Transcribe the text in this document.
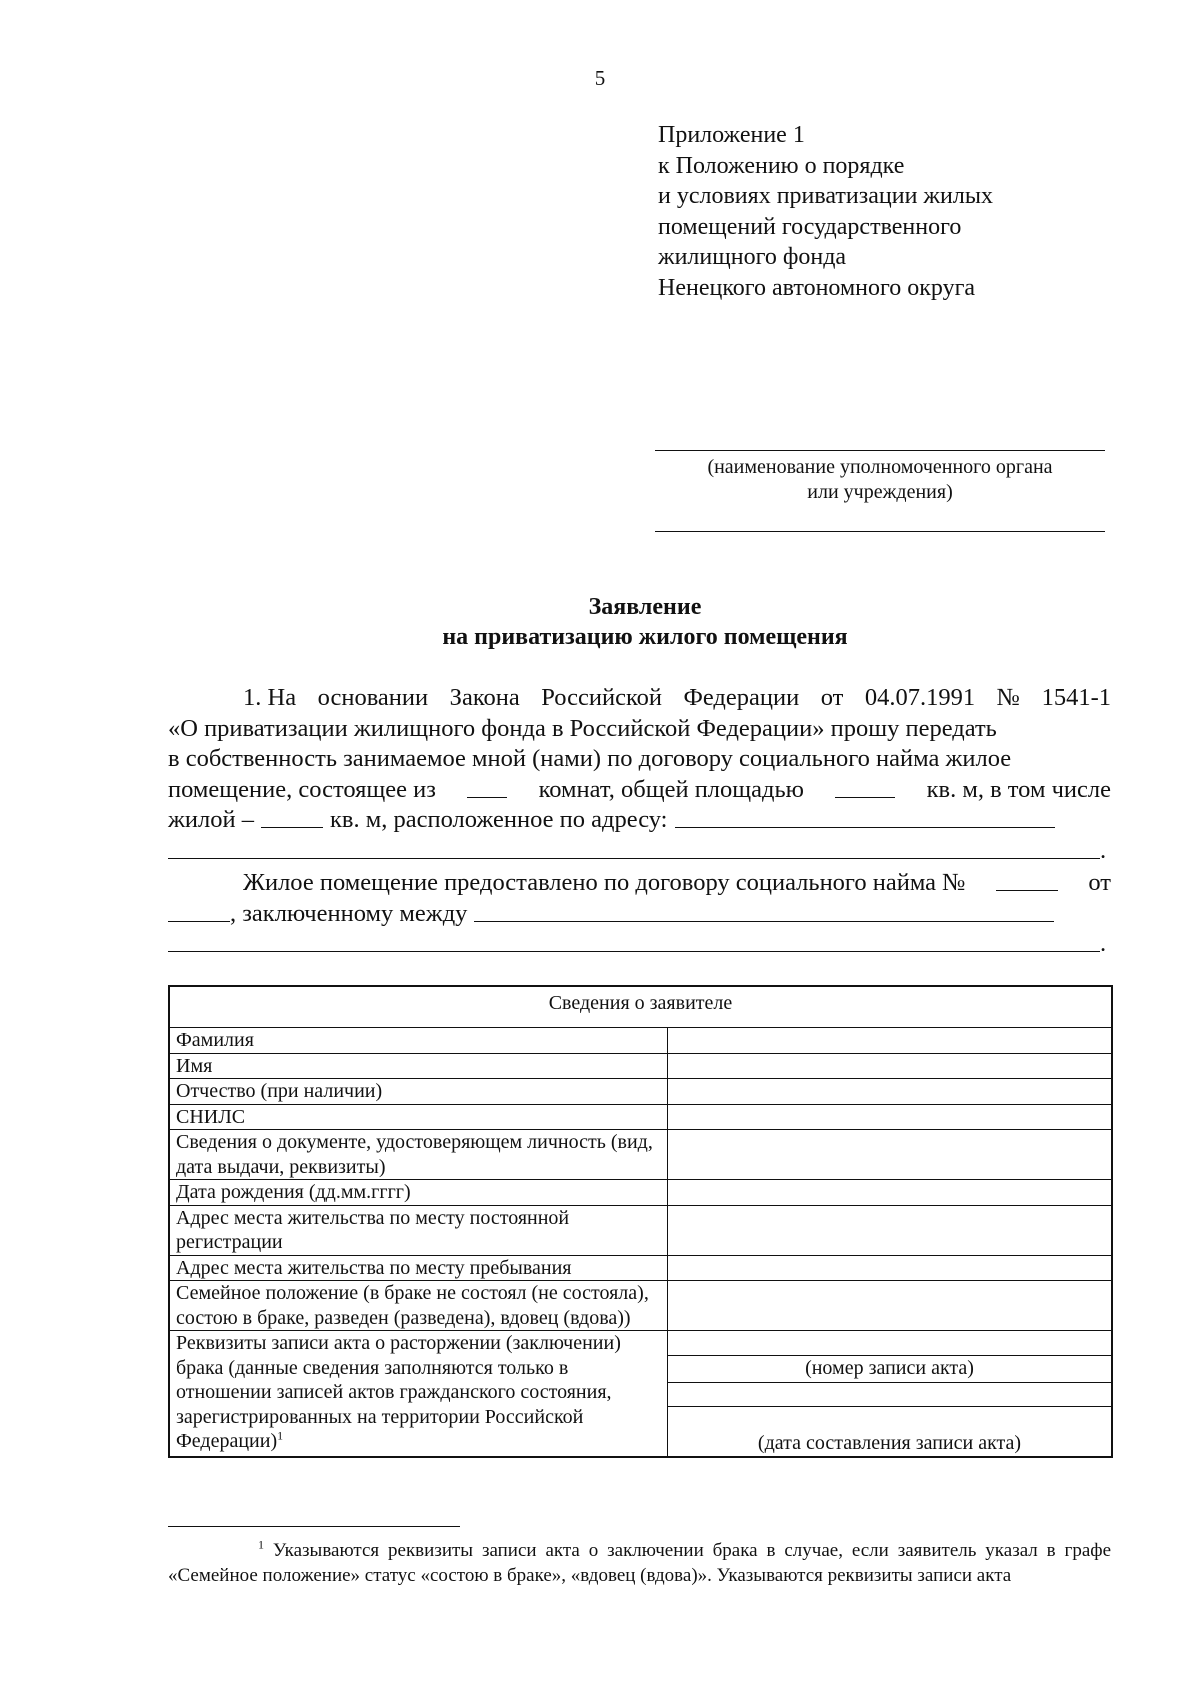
5
Приложение 1
к Положению о порядке
и условиях приватизации жилых
помещений государственного
жилищного фонда
Ненецкого автономного округа
(наименование уполномоченного органа
или учреждения)
Заявление
на приватизацию жилого помещения
1. На основании Закона Российской Федерации от 04.07.1991 № 1541-1
«О приватизации жилищного фонда в Российской Федерации» прошу передать
в собственность занимаемое мной (нами) по договору социального найма жилое
помещение, состоящее из	комнат, общей площадью	кв. м, в том числе
жилой –	кв. м, расположенное по адресу:
.
Жилое помещение предоставлено по договору социального найма №	от
, заключенному между
.
Сведения о заявителе	
Фамилия	
Имя	
Отчество (при наличии)	
СНИЛС	
Сведения о документе, удостоверяющем личность (вид, дата выдачи, реквизиты)	
Дата рождения (дд.мм.гггг)	
Адрес места жительства по месту постоянной регистрации	
Адрес места жительства по месту пребывания	
Семейное положение (в браке не состоял (не состояла), состою в браке, разведен (разведена), вдовец (вдова))	
Реквизиты записи акта о расторжении (заключении) брака (данные сведения заполняются только в отношении записей актов гражданского состояния, зарегистрированных на территории Российской Федерации)$^1$	(номер записи акта)
(дата составления записи акта)
$^1$ Указываются реквизиты записи акта о заключении брака в случае, если заявитель указал в графе «Семейное положение» статус «состою в браке», «вдовец (вдова)». Указываются реквизиты записи акта
